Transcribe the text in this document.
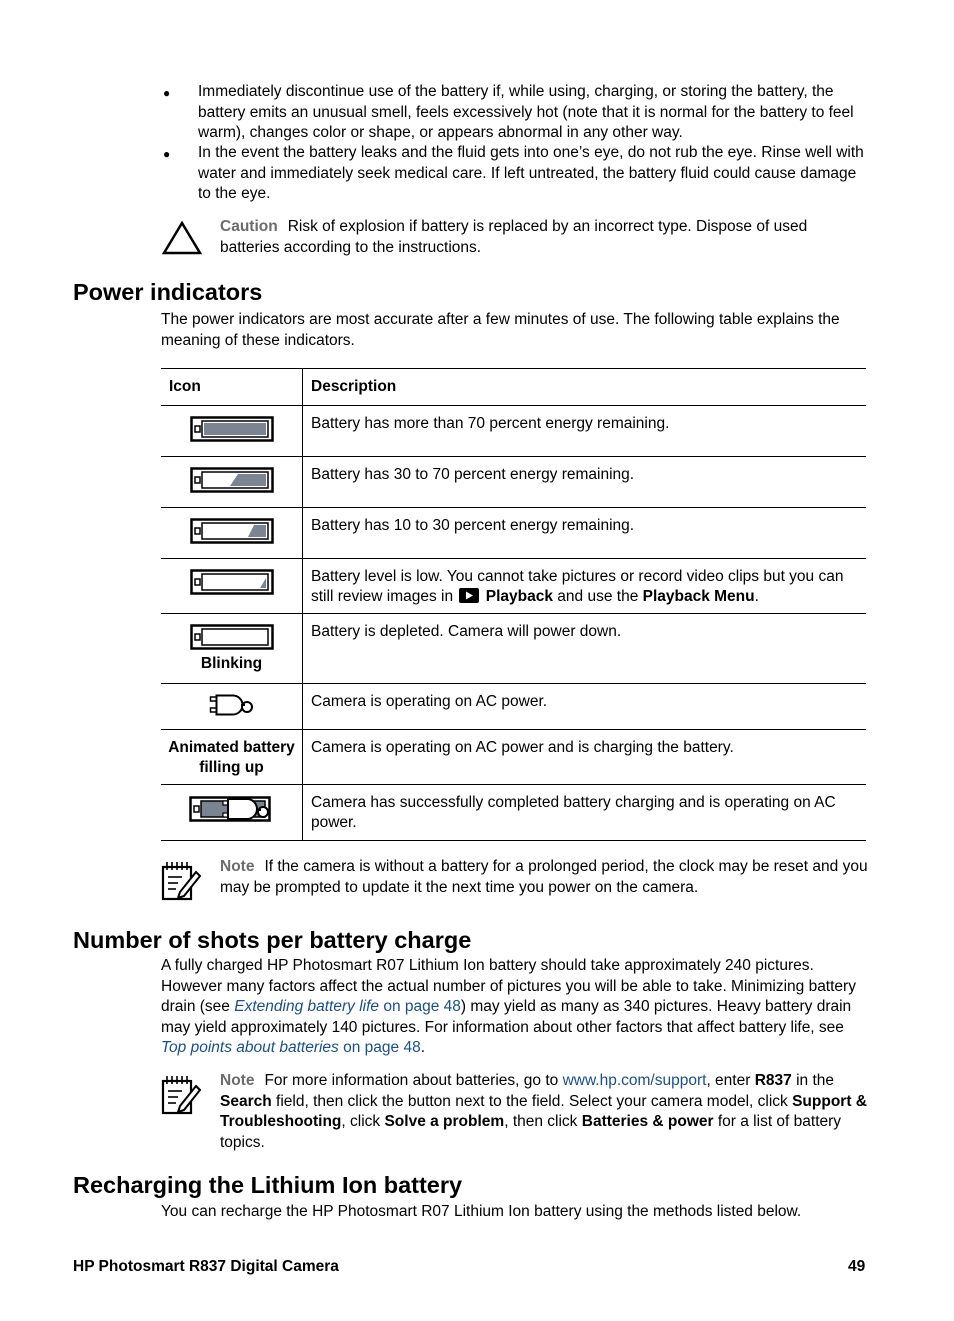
● Immediately discontinue use of the battery if, while using, charging, or storing the battery, the battery emits an unusual smell, feels excessively hot (note that it is normal for the battery to feel warm), changes color or shape, or appears abnormal in any other way.
● In the event the battery leaks and the fluid gets into one’s eye, do not rub the eye. Rinse well with water and immediately seek medical care. If left untreated, the battery fluid could cause damage to the eye.
Caution Risk of explosion if battery is replaced by an incorrect type. Dispose of used batteries according to the instructions.
Power indicators
The power indicators are most accurate after a few minutes of use. The following table explains the meaning of these indicators.
Icon	Description

	Battery has more than 70 percent energy remaining.

	Battery has 30 to 70 percent energy remaining.

	Battery has 10 to 30 percent energy remaining.

	Battery level is low. You cannot take pictures or record video clips but you can still review images in Playback and use the Playback Menu.

Blinking	Battery is depleted. Camera will power down.

	Camera is operating on AC power.

Animated battery filling up	Camera is operating on AC power and is charging the battery.

	Camera has successfully completed battery charging and is operating on AC power.
Note If the camera is without a battery for a prolonged period, the clock may be reset and you may be prompted to update it the next time you power on the camera.
Number of shots per battery charge
A fully charged HP Photosmart R07 Lithium Ion battery should take approximately 240 pictures. However many factors affect the actual number of pictures you will be able to take. Minimizing battery drain (see Extending battery life on page 48) may yield as many as 340 pictures. Heavy battery drain may yield approximately 140 pictures. For information about other factors that affect battery life, see Top points about batteries on page 48.
Note For more information about batteries, go to www.hp.com/support, enter R837 in the Search field, then click the button next to the field. Select your camera model, click Support & Troubleshooting, click Solve a problem, then click Batteries & power for a list of battery topics.
Recharging the Lithium Ion battery
You can recharge the HP Photosmart R07 Lithium Ion battery using the methods listed below.
HP Photosmart R837 Digital Camera	49
